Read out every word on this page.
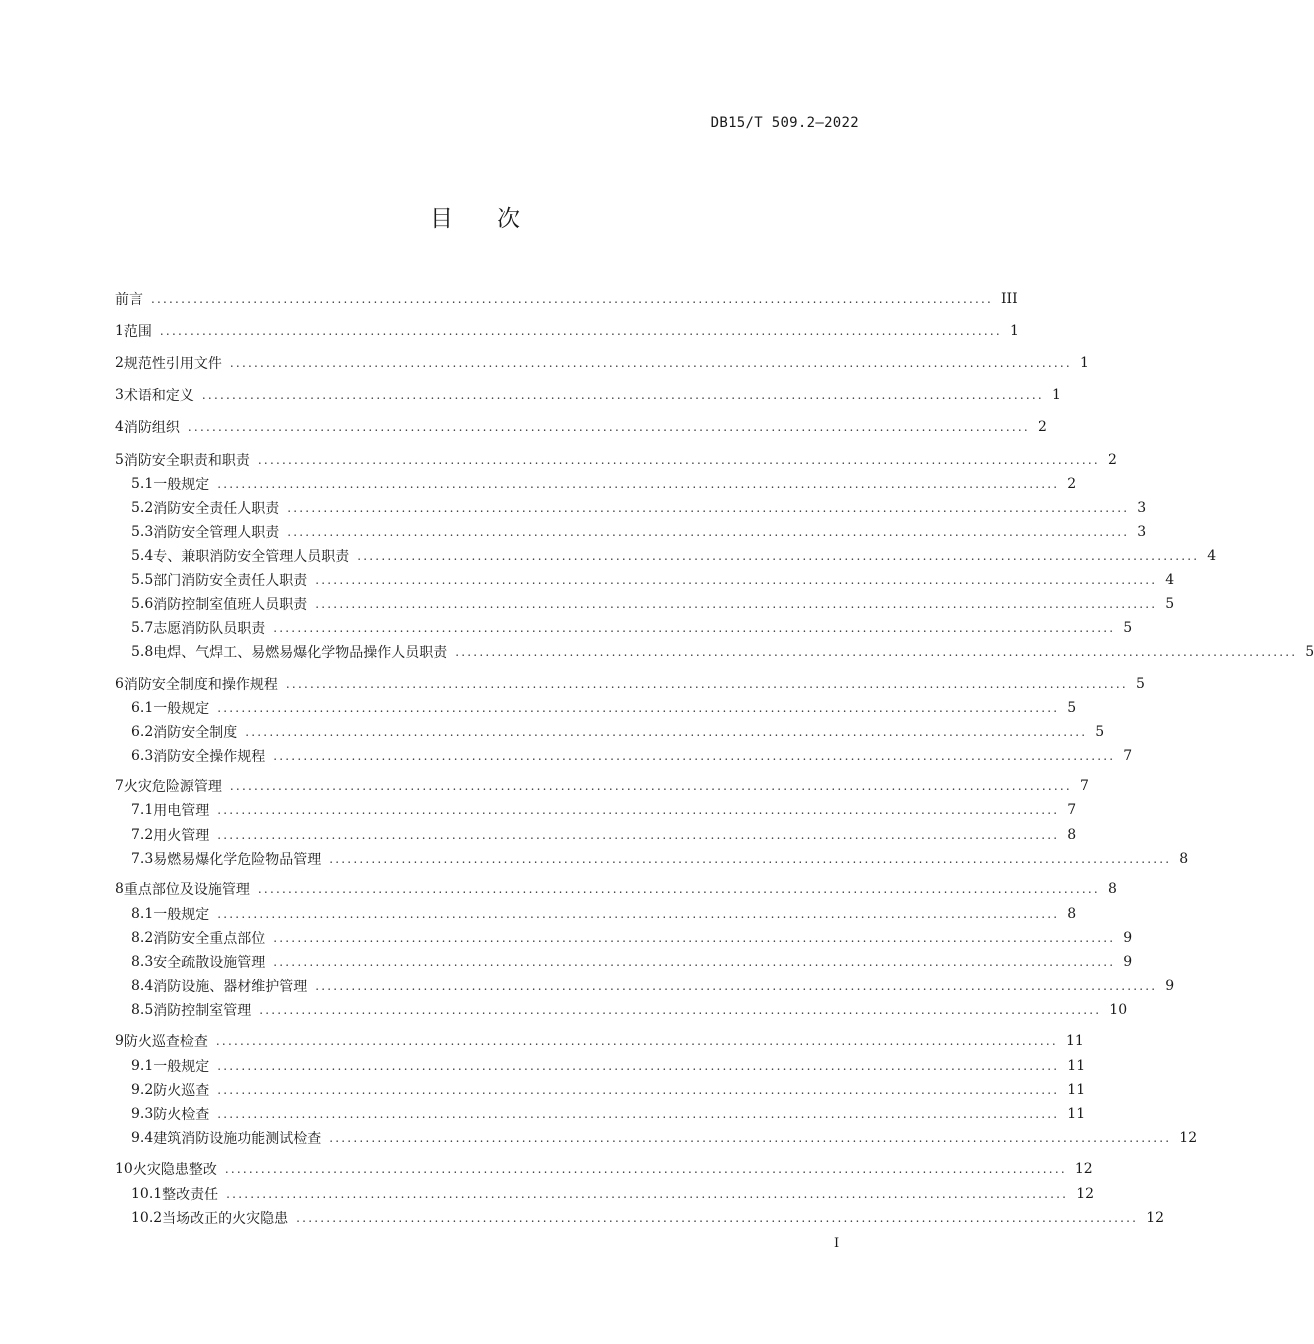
DB15/T 509.2—2022
目 次
前言 ............................................................................................................................................ III
1 范围 ............................................................................................................................................ 1
2 规范性引用文件 ............................................................................................................................................ 1
3 术语和定义 ............................................................................................................................................ 1
4 消防组织 ............................................................................................................................................ 2
5 消防安全职责和职责 ............................................................................................................................................ 2
5.1 一般规定 ............................................................................................................................................ 2
5.2 消防安全责任人职责 ............................................................................................................................................ 3
5.3 消防安全管理人职责 ............................................................................................................................................ 3
5.4 专、兼职消防安全管理人员职责 ............................................................................................................................................ 4
5.5 部门消防安全责任人职责 ............................................................................................................................................ 4
5.6 消防控制室值班人员职责 ............................................................................................................................................ 5
5.7 志愿消防队员职责 ............................................................................................................................................ 5
5.8 电焊、气焊工、易燃易爆化学物品操作人员职责 ............................................................................................................................................ 5
6 消防安全制度和操作规程 ............................................................................................................................................ 5
6.1 一般规定 ............................................................................................................................................ 5
6.2 消防安全制度 ............................................................................................................................................ 5
6.3 消防安全操作规程 ............................................................................................................................................ 7
7 火灾危险源管理 ............................................................................................................................................ 7
7.1 用电管理 ............................................................................................................................................ 7
7.2 用火管理 ............................................................................................................................................ 8
7.3 易燃易爆化学危险物品管理 ............................................................................................................................................ 8
8 重点部位及设施管理 ............................................................................................................................................ 8
8.1 一般规定 ............................................................................................................................................ 8
8.2 消防安全重点部位 ............................................................................................................................................ 9
8.3 安全疏散设施管理 ............................................................................................................................................ 9
8.4 消防设施、器材维护管理 ............................................................................................................................................ 9
8.5 消防控制室管理 ............................................................................................................................................ 10
9 防火巡查检查 ............................................................................................................................................ 11
9.1 一般规定 ............................................................................................................................................ 11
9.2 防火巡查 ............................................................................................................................................ 11
9.3 防火检查 ............................................................................................................................................ 11
9.4 建筑消防设施功能测试检查 ............................................................................................................................................ 12
10 火灾隐患整改 ............................................................................................................................................ 12
10.1 整改责任 ............................................................................................................................................ 12
10.2 当场改正的火灾隐患 ............................................................................................................................................ 12
I
